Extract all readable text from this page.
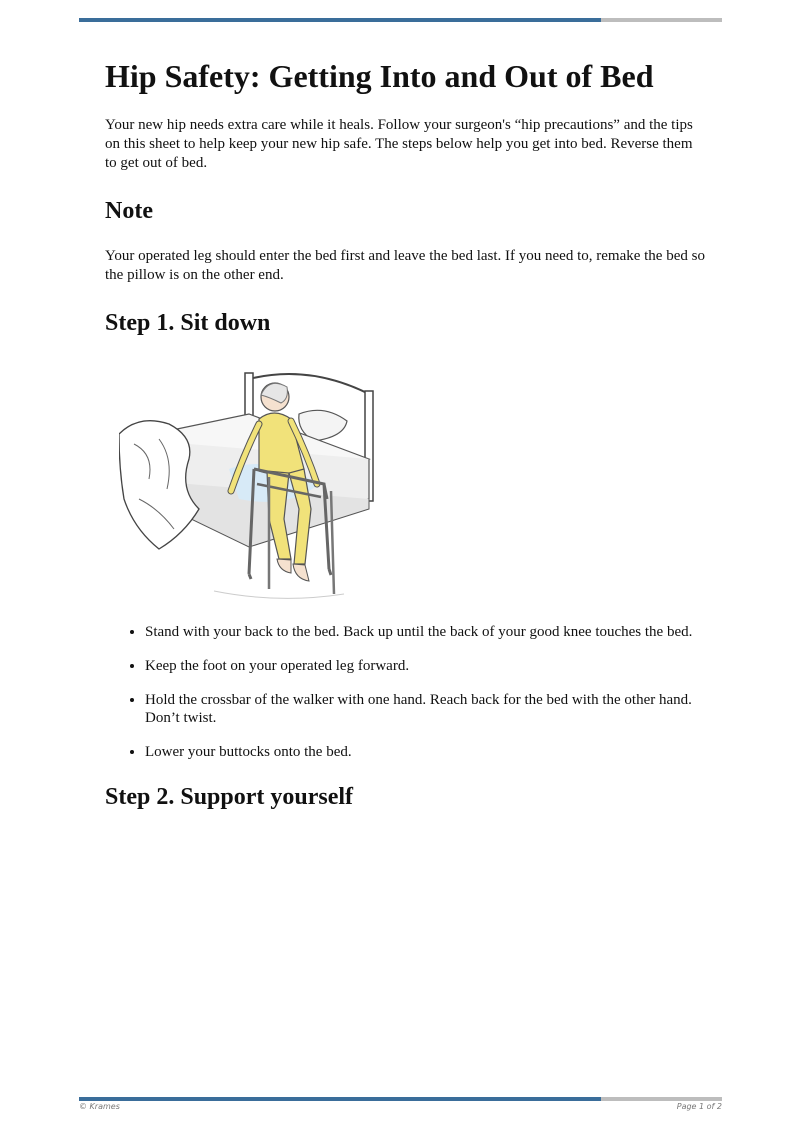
Hip Safety: Getting Into and Out of Bed

Your new hip needs extra care while it heals. Follow your surgeon's “hip precautions” and the tips on this sheet to help keep your new hip safe. The steps below help you get into bed. Reverse them to get out of bed.

Note

Your operated leg should enter the bed first and leave the bed last. If you need to, remake the bed so the pillow is on the other end.

Step 1. Sit down
• Stand with your back to the bed. Back up until the back of your good knee touches the bed.
• Keep the foot on your operated leg forward.
• Hold the crossbar of the walker with one hand. Reach back for the bed with the other hand. Don’t twist.
• Lower your buttocks onto the bed.
Step 2. Support yourself
© Krames	Page 1 of 2
